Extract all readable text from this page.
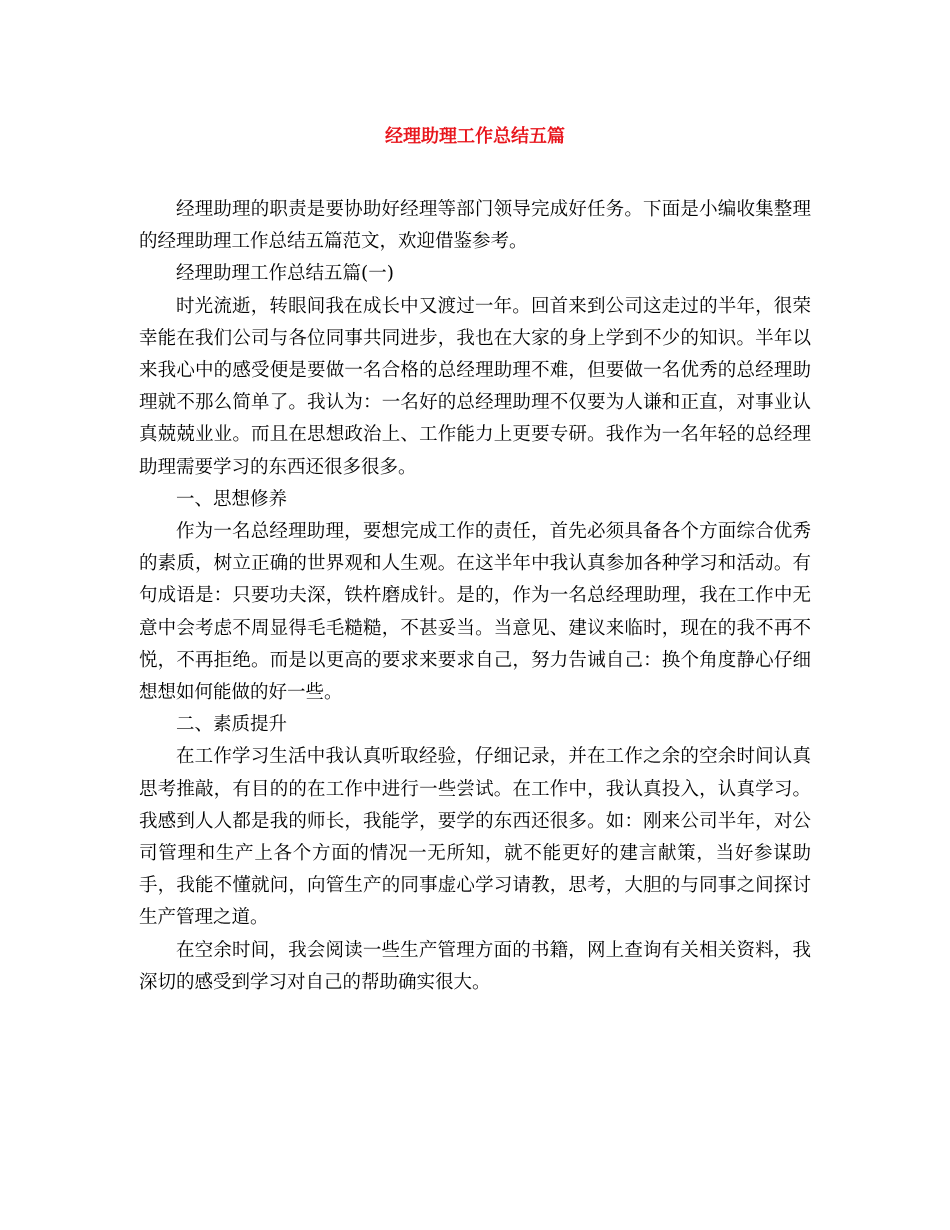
经理助理工作总结五篇

经理助理的职责是要协助好经理等部门领导完成好任务。下面是小编收集整理的经理助理工作总结五篇范文，欢迎借鉴参考。

经理助理工作总结五篇(一)

时光流逝，转眼间我在成长中又渡过一年。回首来到公司这走过的半年，很荣幸能在我们公司与各位同事共同进步，我也在大家的身上学到不少的知识。半年以来我心中的感受便是要做一名合格的总经理助理不难，但要做一名优秀的总经理助理就不那么简单了。我认为：一名好的总经理助理不仅要为人谦和正直，对事业认真兢兢业业。而且在思想政治上、工作能力上更要专研。我作为一名年轻的总经理助理需要学习的东西还很多很多。

一、思想修养

作为一名总经理助理，要想完成工作的责任，首先必须具备各个方面综合优秀的素质，树立正确的世界观和人生观。在这半年中我认真参加各种学习和活动。有句成语是：只要功夫深，铁杵磨成针。是的，作为一名总经理助理，我在工作中无意中会考虑不周显得毛毛糙糙，不甚妥当。当意见、建议来临时，现在的我不再不悦，不再拒绝。而是以更高的要求来要求自己，努力告诫自己：换个角度静心仔细想想如何能做的好一些。

二、素质提升

在工作学习生活中我认真听取经验，仔细记录，并在工作之余的空余时间认真思考推敲，有目的的在工作中进行一些尝试。在工作中，我认真投入，认真学习。我感到人人都是我的师长，我能学，要学的东西还很多。如：刚来公司半年，对公司管理和生产上各个方面的情况一无所知，就不能更好的建言献策，当好参谋助手，我能不懂就问，向管生产的同事虚心学习请教，思考，大胆的与同事之间探讨生产管理之道。

在空余时间，我会阅读一些生产管理方面的书籍，网上查询有关相关资料，我深切的感受到学习对自己的帮助确实很大。
